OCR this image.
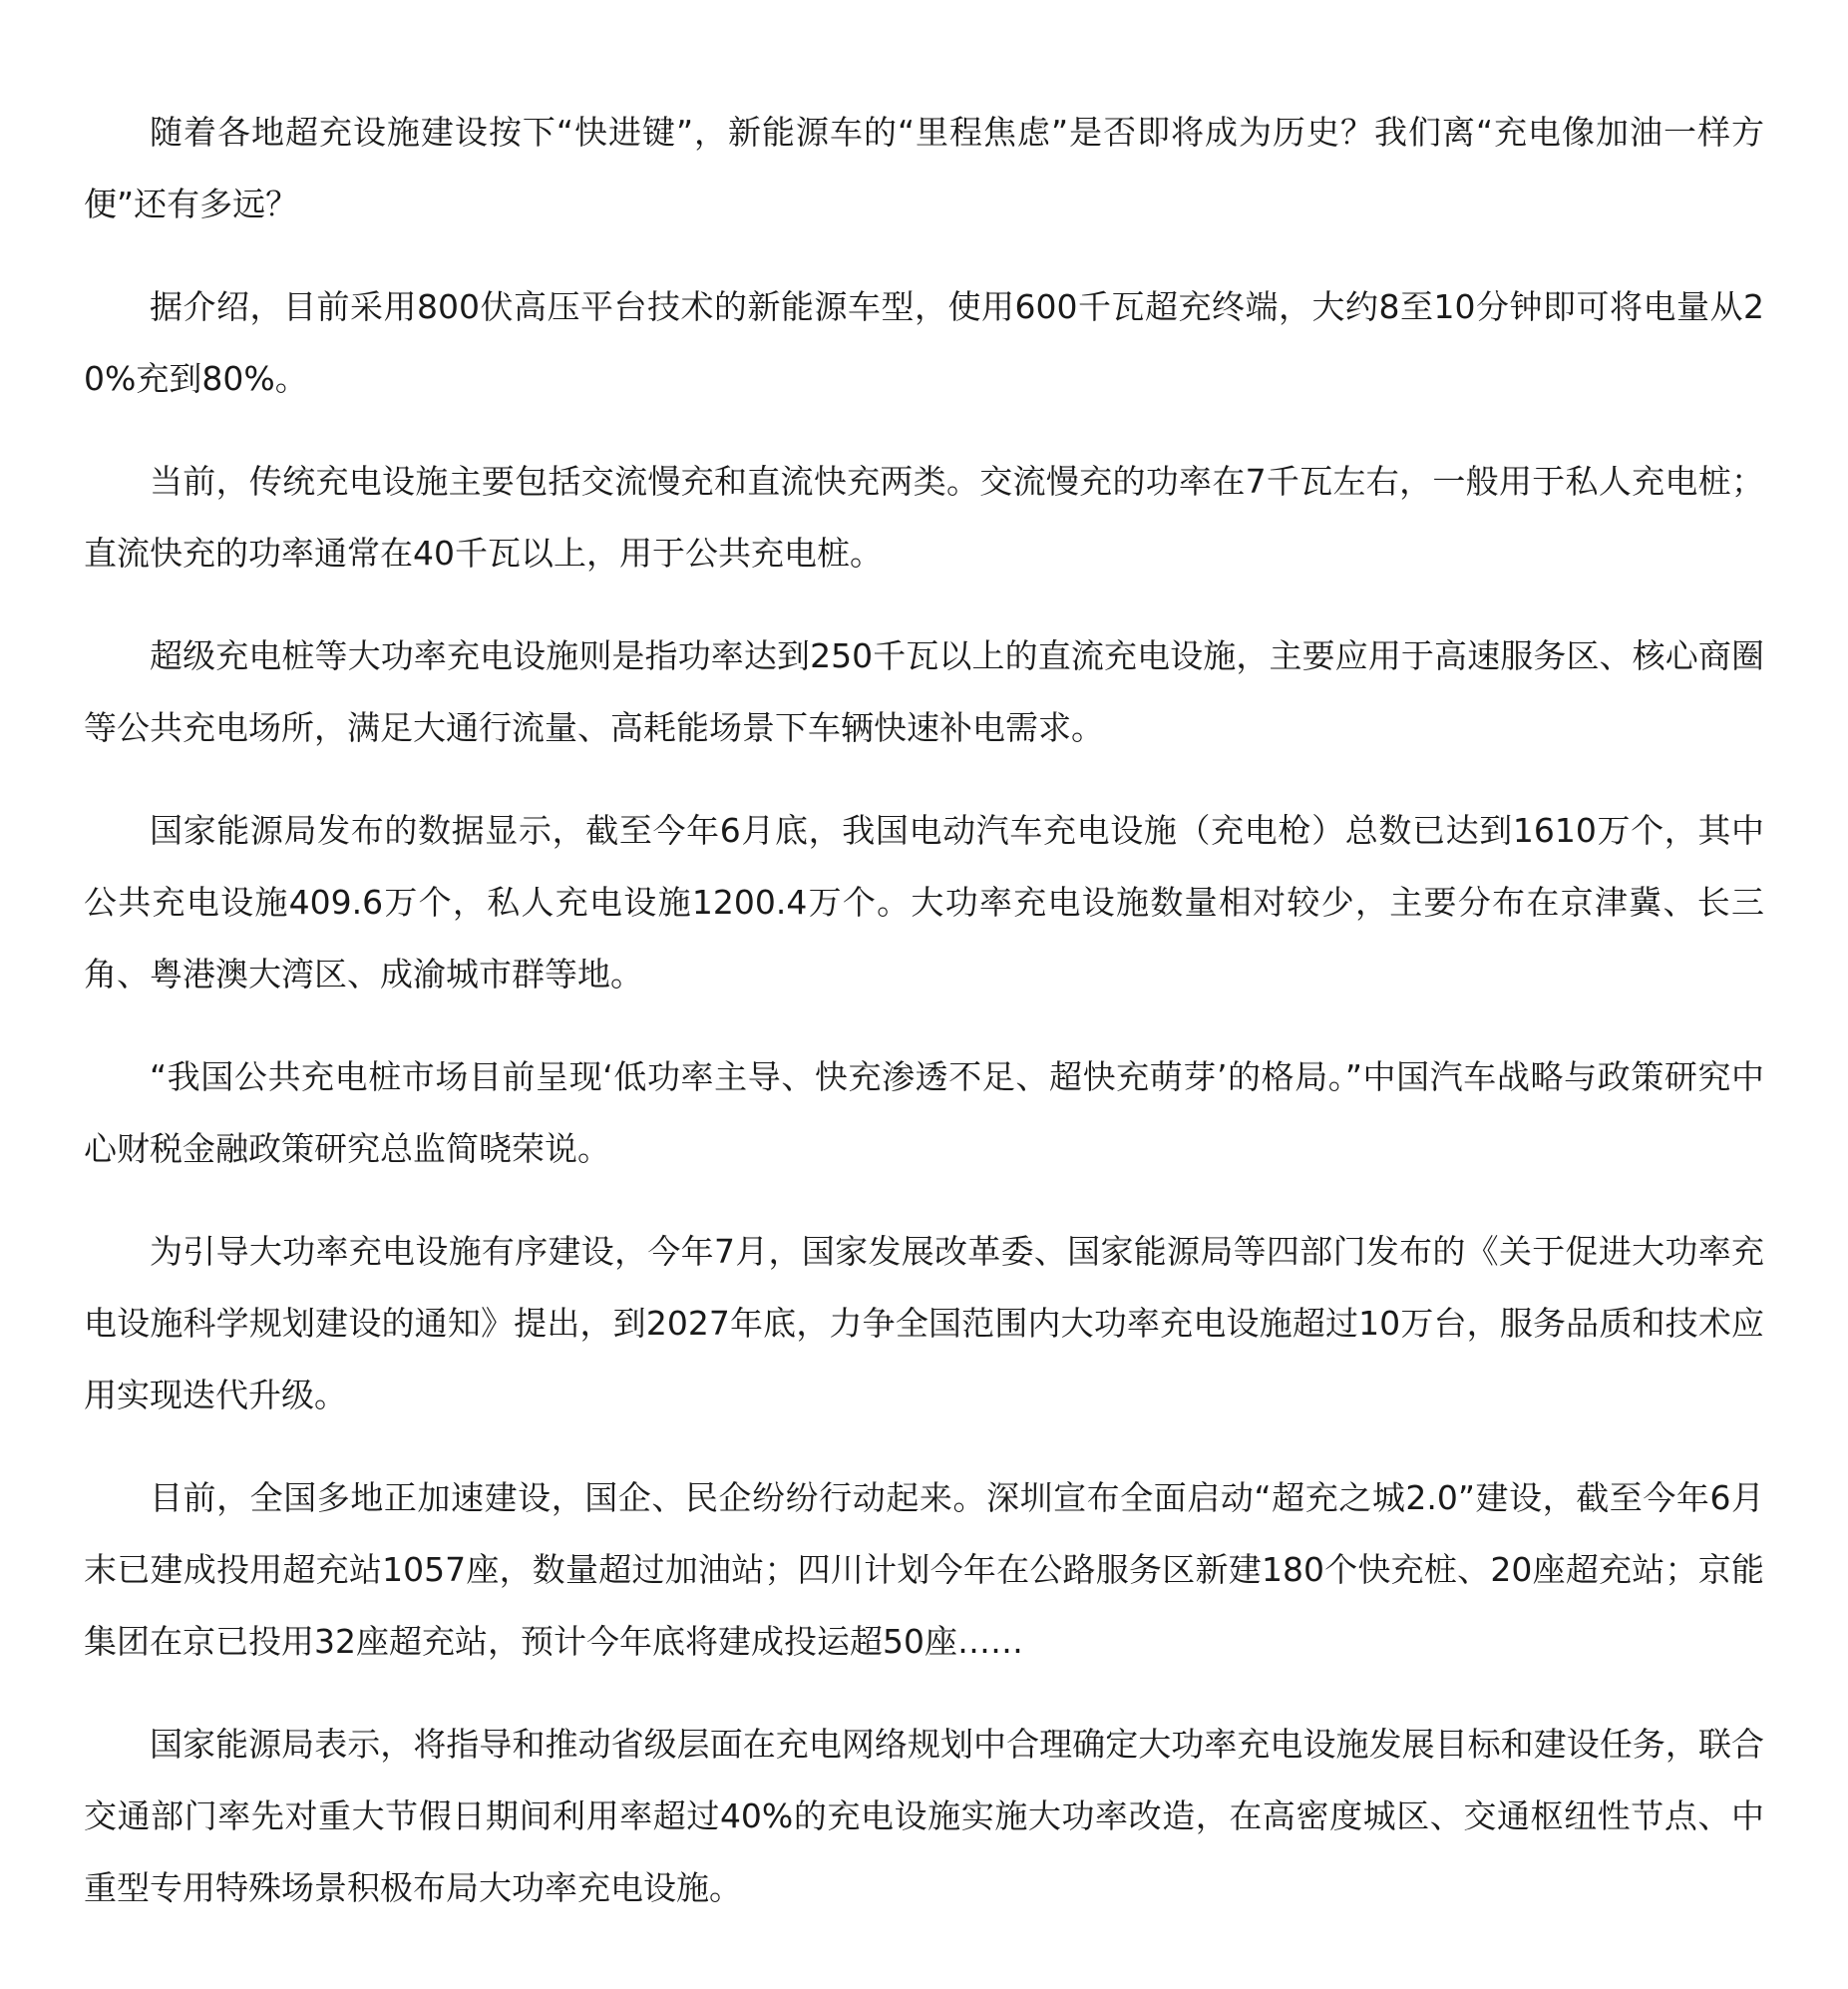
随着各地超充设施建设按下“快进键”，新能源车的“里程焦虑”是否即将成为历史？我们离“充电像加油一样方便”还有多远？

据介绍，目前采用800伏高压平台技术的新能源车型，使用600千瓦超充终端，大约8至10分钟即可将电量从20%充到80%。

当前，传统充电设施主要包括交流慢充和直流快充两类。交流慢充的功率在7千瓦左右，一般用于私人充电桩；直流快充的功率通常在40千瓦以上，用于公共充电桩。

超级充电桩等大功率充电设施则是指功率达到250千瓦以上的直流充电设施，主要应用于高速服务区、核心商圈等公共充电场所，满足大通行流量、高耗能场景下车辆快速补电需求。

国家能源局发布的数据显示，截至今年6月底，我国电动汽车充电设施（充电枪）总数已达到1610万个，其中公共充电设施409.6万个，私人充电设施1200.4万个。大功率充电设施数量相对较少，主要分布在京津冀、长三角、粤港澳大湾区、成渝城市群等地。

“我国公共充电桩市场目前呈现‘低功率主导、快充渗透不足、超快充萌芽’的格局。”中国汽车战略与政策研究中心财税金融政策研究总监简晓荣说。

为引导大功率充电设施有序建设，今年7月，国家发展改革委、国家能源局等四部门发布的《关于促进大功率充电设施科学规划建设的通知》提出，到2027年底，力争全国范围内大功率充电设施超过10万台，服务品质和技术应用实现迭代升级。

目前，全国多地正加速建设，国企、民企纷纷行动起来。深圳宣布全面启动“超充之城2.0”建设，截至今年6月末已建成投用超充站1057座，数量超过加油站；四川计划今年在公路服务区新建180个快充桩、20座超充站；京能集团在京已投用32座超充站，预计今年底将建成投运超50座……

国家能源局表示，将指导和推动省级层面在充电网络规划中合理确定大功率充电设施发展目标和建设任务，联合交通部门率先对重大节假日期间利用率超过40%的充电设施实施大功率改造，在高密度城区、交通枢纽性节点、中重型专用特殊场景积极布局大功率充电设施。
